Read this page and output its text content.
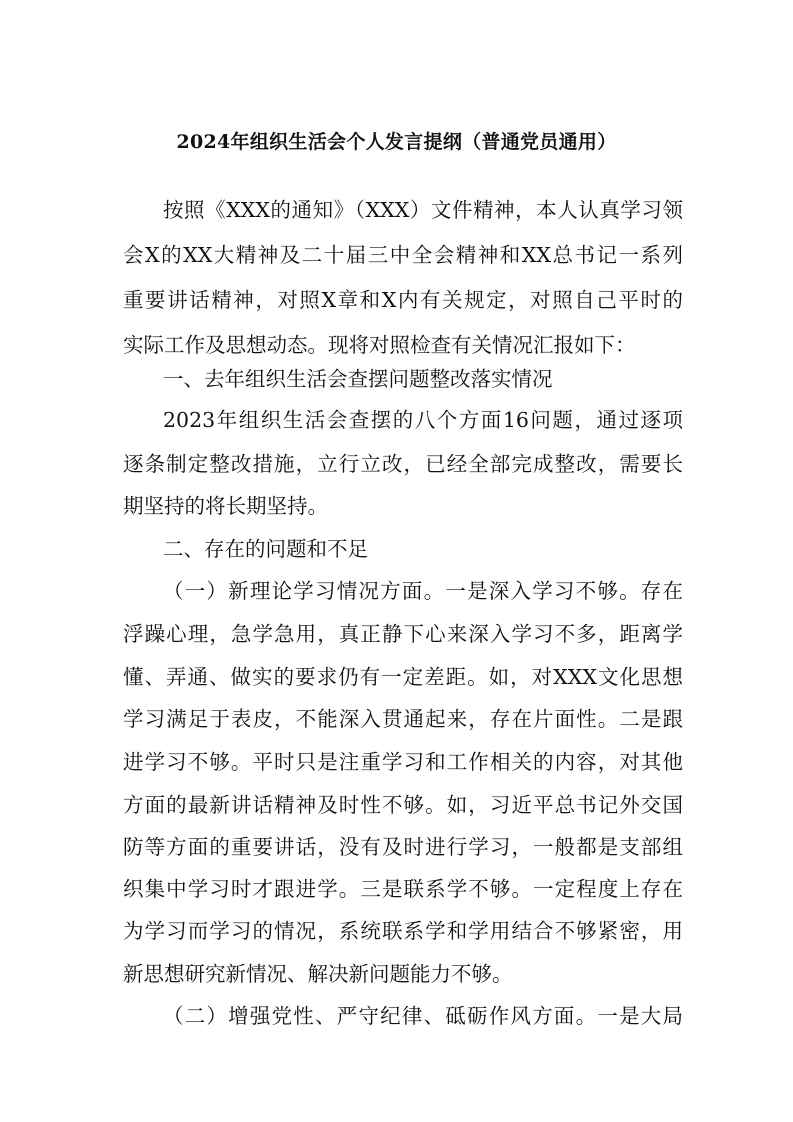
2024年组织生活会个人发言提纲（普通党员通用）
按照《XXX的通知》（XXX）文件精神，本人认真学习领
会X的XX大精神及二十届三中全会精神和XX总书记一系列
重要讲话精神，对照X章和X内有关规定，对照自己平时的
实际工作及思想动态。现将对照检查有关情况汇报如下：
一、去年组织生活会查摆问题整改落实情况
2023年组织生活会查摆的八个方面16问题，通过逐项
逐条制定整改措施，立行立改，已经全部完成整改，需要长
期坚持的将长期坚持。
二、存在的问题和不足
（一）新理论学习情况方面。一是深入学习不够。存在
浮躁心理，急学急用，真正静下心来深入学习不多，距离学
懂、弄通、做实的要求仍有一定差距。如，对XXX文化思想
学习满足于表皮，不能深入贯通起来，存在片面性。二是跟
进学习不够。平时只是注重学习和工作相关的内容，对其他
方面的最新讲话精神及时性不够。如，习近平总书记外交国
防等方面的重要讲话，没有及时进行学习，一般都是支部组
织集中学习时才跟进学。三是联系学不够。一定程度上存在
为学习而学习的情况，系统联系学和学用结合不够紧密，用
新思想研究新情况、解决新问题能力不够。
（二）增强党性、严守纪律、砥砺作风方面。一是大局
